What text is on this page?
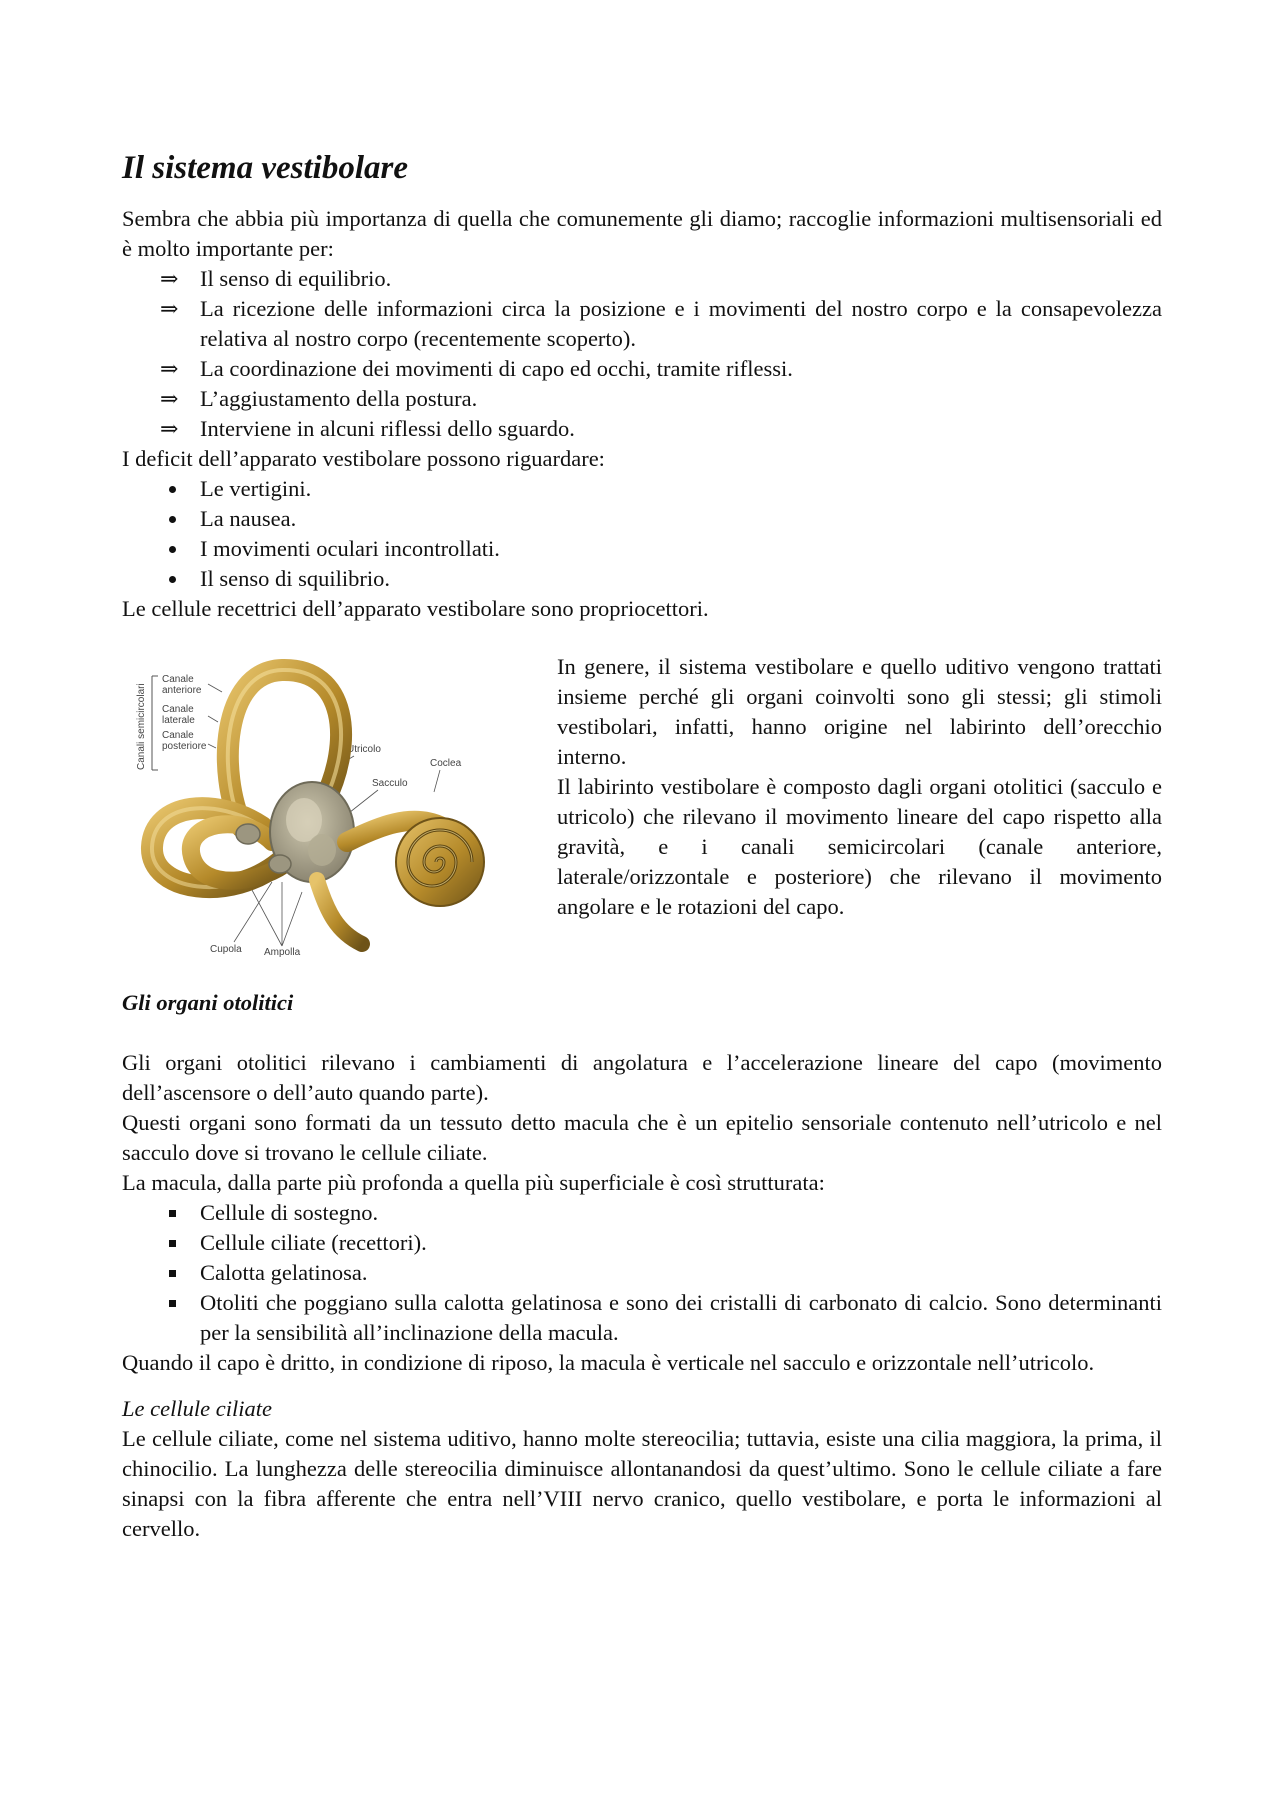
Il sistema vestibolare

Sembra che abbia più importanza di quella che comunemente gli diamo; raccoglie informazioni multisensoriali ed è molto importante per:

⇒ Il senso di equilibrio.
⇒ La ricezione delle informazioni circa la posizione e i movimenti del nostro corpo e la consapevolezza relativa al nostro corpo (recentemente scoperto).
⇒ La coordinazione dei movimenti di capo ed occhi, tramite riflessi.
⇒ L’aggiustamento della postura.
⇒ Interviene in alcuni riflessi dello sguardo.

I deficit dell’apparato vestibolare possono riguardare:

Le vertigini.
La nausea.
I movimenti oculari incontrollati.
Il senso di squilibrio.

Le cellule recettrici dell’apparato vestibolare sono propriocettori.

Canali semicircolari
Canale
anteriore
Canale
laterale
Canale
posteriore	Utricolo
Sacculo
Coclea
Cupola Ampolla

In genere, il sistema vestibolare e quello uditivo vengono trattati insieme perché gli organi coinvolti sono gli stessi; gli stimoli vestibolari, infatti, hanno origine nel labirinto dell’orecchio interno.

Il labirinto vestibolare è composto dagli organi otolitici (sacculo e utricolo) che rilevano il movimento lineare del capo rispetto alla gravità, e i canali semicircolari (canale anteriore, laterale/orizzontale e posteriore) che rilevano il movimento angolare e le rotazioni del capo.

Gli organi otolitici

Gli organi otolitici rilevano i cambiamenti di angolatura e l’accelerazione lineare del capo (movimento dell’ascensore o dell’auto quando parte).

Questi organi sono formati da un tessuto detto macula che è un epitelio sensoriale contenuto nell’utricolo e nel sacculo dove si trovano le cellule ciliate.

La macula, dalla parte più profonda a quella più superficiale è così strutturata:

Cellule di sostegno.
Cellule ciliate (recettori).
Calotta gelatinosa.
Otoliti che poggiano sulla calotta gelatinosa e sono dei cristalli di carbonato di calcio. Sono determinanti per la sensibilità all’inclinazione della macula.

Quando il capo è dritto, in condizione di riposo, la macula è verticale nel sacculo e orizzontale nell’utricolo.

Le cellule ciliate

Le cellule ciliate, come nel sistema uditivo, hanno molte stereocilia; tuttavia, esiste una cilia maggiora, la prima, il chinocilio. La lunghezza delle stereocilia diminuisce allontanandosi da quest’ultimo. Sono le cellule ciliate a fare sinapsi con la fibra afferente che entra nell’VIII nervo cranico, quello vestibolare, e porta le informazioni al cervello.
